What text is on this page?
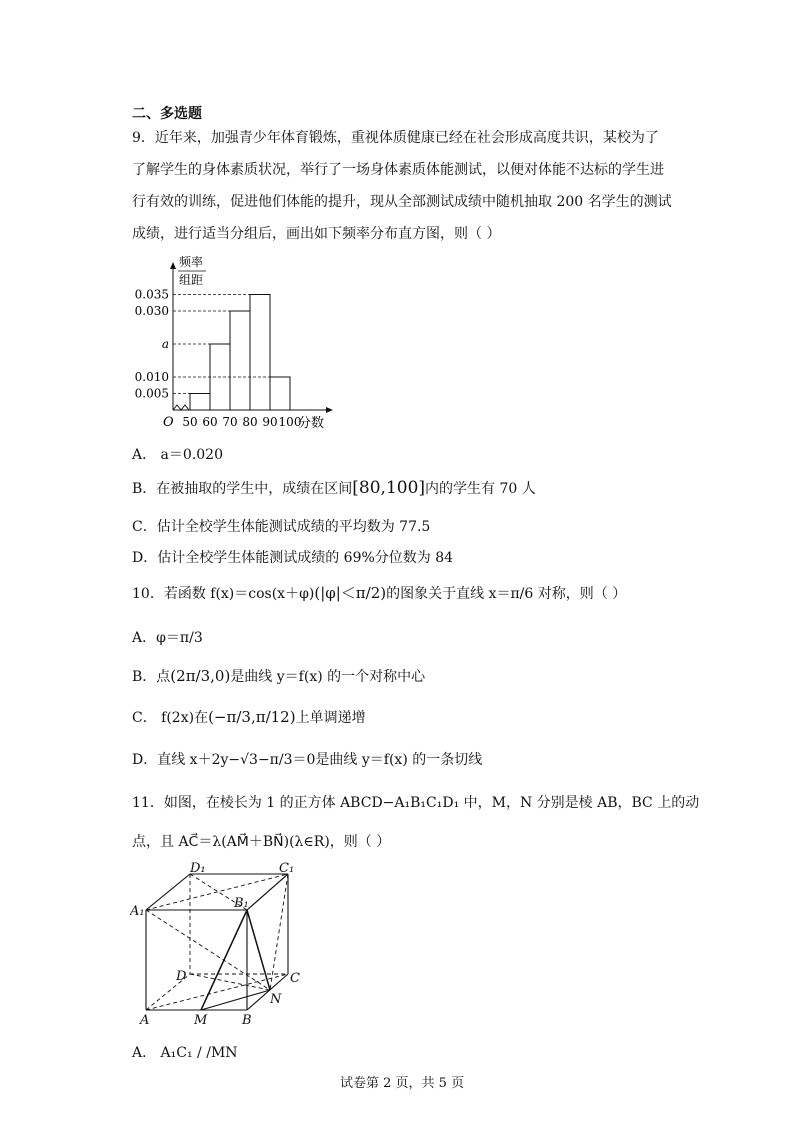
二、多选题
9．近年来，加强青少年体育锻炼，重视体质健康已经在社会形成高度共识，某校为了
了解学生的身体素质状况，举行了一场身体素质体能测试，以便对体能不达标的学生进
行有效的训练，促进他们体能的提升，现从全部测试成绩中随机抽取 200 名学生的测试
成绩，进行适当分组后，画出如下频率分布直方图，则（ ）
0.035
0.030
a
0.010
0.005
50 60 70 80 90 100
O	分数
频率
组距
A． a＝0.020
B．在被抽取的学生中，成绩在区间[80,100]内的学生有 70 人
C．估计全校学生体能测试成绩的平均数为 77.5
D．估计全校学生体能测试成绩的 69%分位数为 84
10．若函数 f(x)＝cos(x＋φ)(|φ|＜π/2)的图象关于直线 x＝π/6 对称，则（ ）
A．φ＝π/3
B．点(2π/3,0)是曲线 y＝f(x) 的一个对称中心
C． f(2x)在(−π/3,π/12)上单调递增
D．直线 x＋2y−√3−π/3＝0是曲线 y＝f(x) 的一条切线
11．如图，在棱长为 1 的正方体 ABCD−A₁B₁C₁D₁ 中，M，N 分别是棱 AB，BC 上的动
点，且 AC⃗＝λ(AM⃗＋BN⃗)(λ∈R)，则（ ）
D₁	C₁
A₁
B₁
D	C
A	M	B
N
A． A₁C₁ / /MN
试卷第 2 页，共 5 页
